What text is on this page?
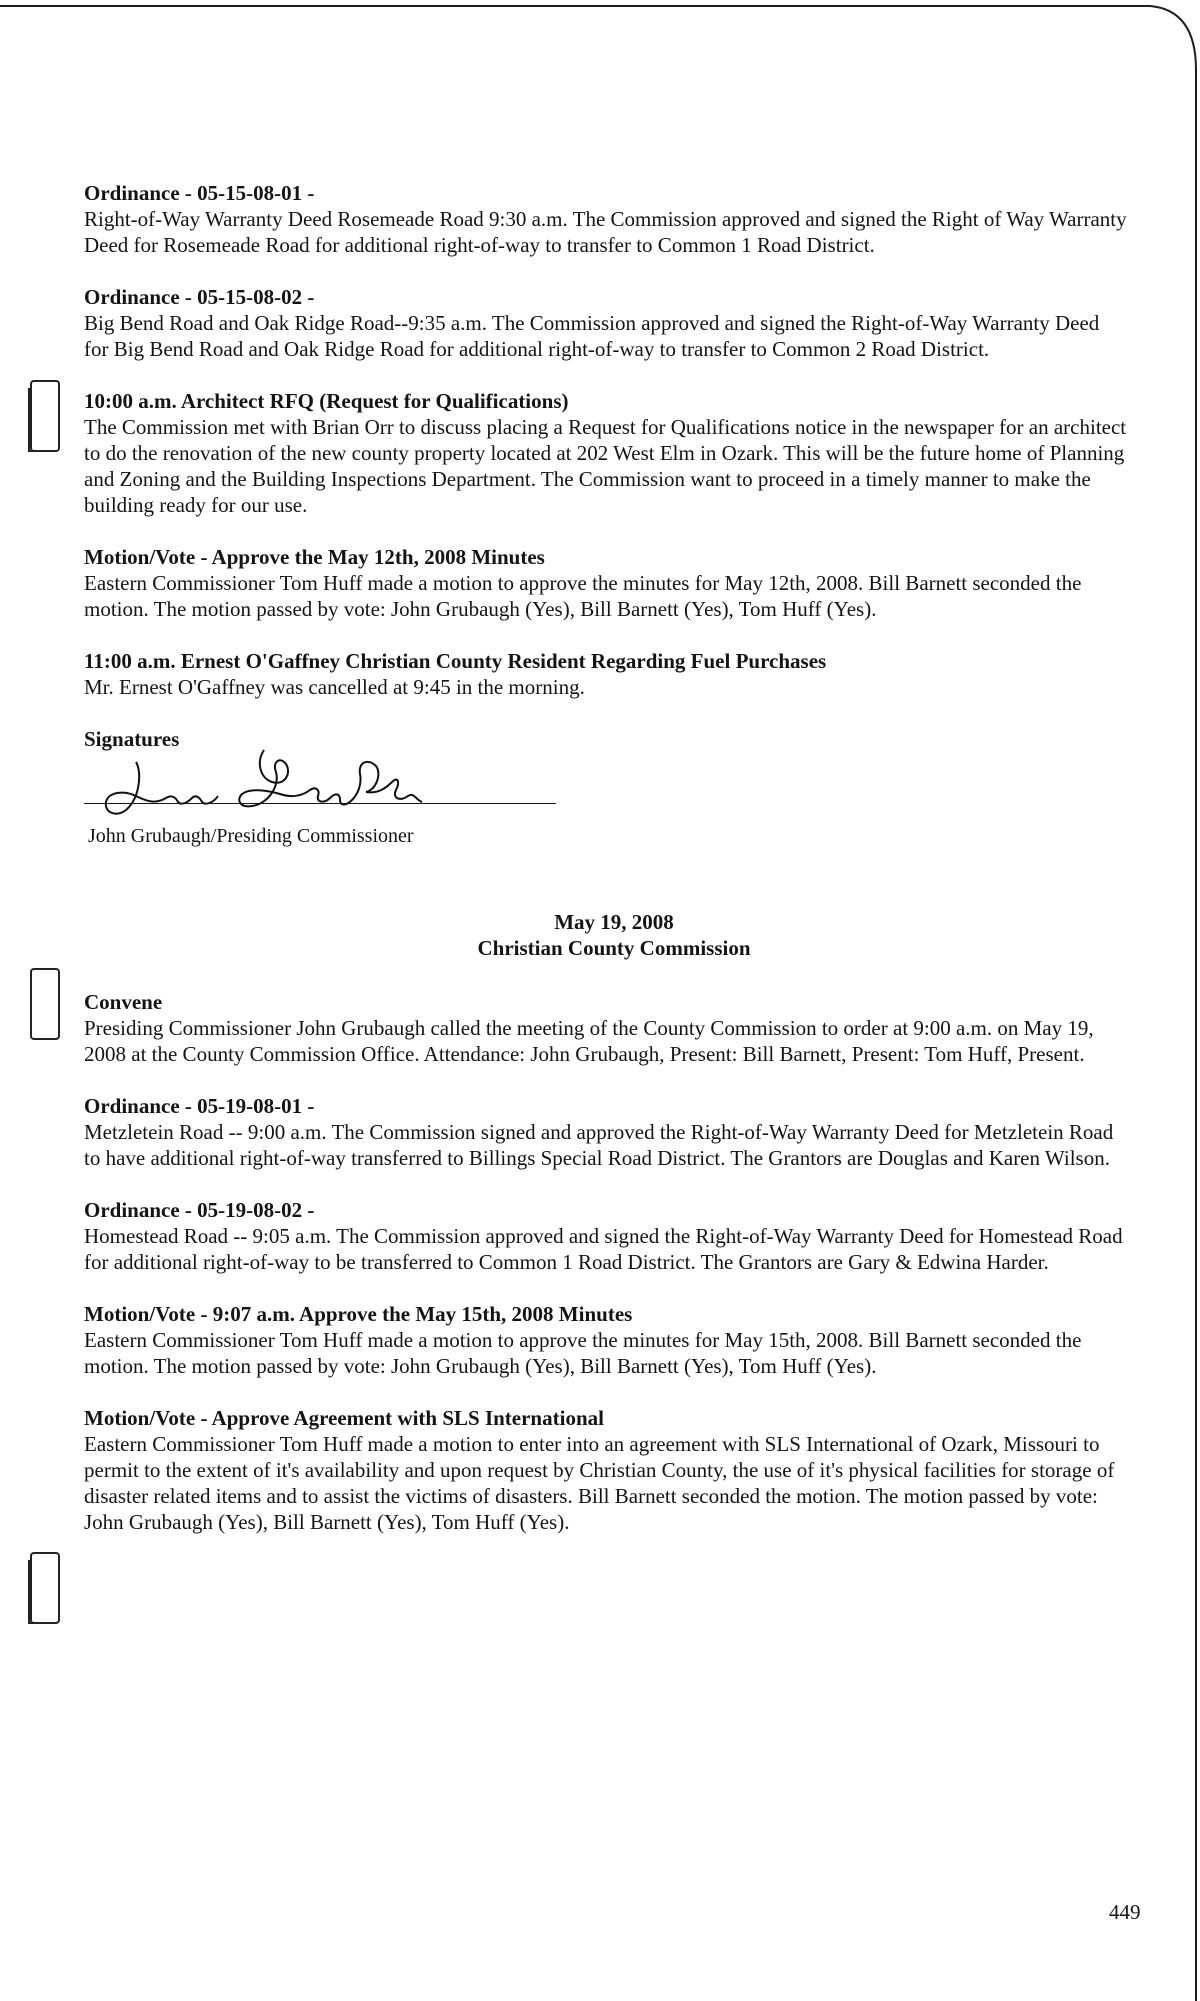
Ordinance - 05-15-08-01 -

Right-of-Way Warranty Deed Rosemeade Road 9:30 a.m. The Commission approved and signed the Right of Way Warranty Deed for Rosemeade Road for additional right-of-way to transfer to Common 1 Road District.

Ordinance - 05-15-08-02 -

Big Bend Road and Oak Ridge Road--9:35 a.m. The Commission approved and signed the Right-of-Way Warranty Deed for Big Bend Road and Oak Ridge Road for additional right-of-way to transfer to Common 2 Road District.

10:00 a.m. Architect RFQ (Request for Qualifications)

The Commission met with Brian Orr to discuss placing a Request for Qualifications notice in the newspaper for an architect to do the renovation of the new county property located at 202 West Elm in Ozark. This will be the future home of Planning and Zoning and the Building Inspections Department. The Commission want to proceed in a timely manner to make the building ready for our use.

Motion/Vote - Approve the May 12th, 2008 Minutes

Eastern Commissioner Tom Huff made a motion to approve the minutes for May 12th, 2008. Bill Barnett seconded the motion. The motion passed by vote: John Grubaugh (Yes), Bill Barnett (Yes), Tom Huff (Yes).

11:00 a.m. Ernest O'Gaffney Christian County Resident Regarding Fuel Purchases

Mr. Ernest O'Gaffney was cancelled at 9:45 in the morning.

Signatures

John Grubaugh/Presiding Commissioner

May 19, 2008

Christian County Commission

Convene

Presiding Commissioner John Grubaugh called the meeting of the County Commission to order at 9:00 a.m. on May 19, 2008 at the County Commission Office. Attendance: John Grubaugh, Present: Bill Barnett, Present: Tom Huff, Present.

Ordinance - 05-19-08-01 -

Metzletein Road -- 9:00 a.m. The Commission signed and approved the Right-of-Way Warranty Deed for Metzletein Road to have additional right-of-way transferred to Billings Special Road District. The Grantors are Douglas and Karen Wilson.

Ordinance - 05-19-08-02 -

Homestead Road -- 9:05 a.m. The Commission approved and signed the Right-of-Way Warranty Deed for Homestead Road for additional right-of-way to be transferred to Common 1 Road District. The Grantors are Gary & Edwina Harder.

Motion/Vote - 9:07 a.m. Approve the May 15th, 2008 Minutes

Eastern Commissioner Tom Huff made a motion to approve the minutes for May 15th, 2008. Bill Barnett seconded the motion. The motion passed by vote: John Grubaugh (Yes), Bill Barnett (Yes), Tom Huff (Yes).

Motion/Vote - Approve Agreement with SLS International

Eastern Commissioner Tom Huff made a motion to enter into an agreement with SLS International of Ozark, Missouri to permit to the extent of it's availability and upon request by Christian County, the use of it's physical facilities for storage of disaster related items and to assist the victims of disasters. Bill Barnett seconded the motion. The motion passed by vote: John Grubaugh (Yes), Bill Barnett (Yes), Tom Huff (Yes).

449
